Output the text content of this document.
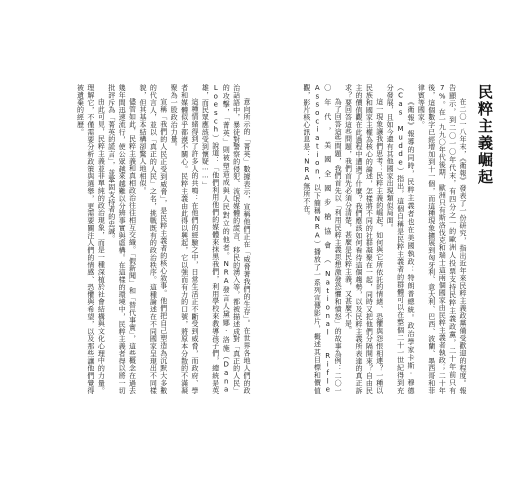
民粹主義崛起
在二〇一八年末，《衛報》發表了一份研究，指出近年來民粹主義政黨備受歡迎的程度。報告顯示，到二〇一〇年代末，有四分之一的歐洲人投票支持民粹主義政黨，二十年前只有7%。在一九九〇年代後期，歐洲只有斯洛伐克和瑞士這兩個國家由民粹主義者執政；二十年後，這個數字已經增加到十一個，而這種現象擴展到匈牙利、意大利、巴西、波蘭、墨西哥和菲律賓等國家。
《衛報》報導的同時，民粹主義者也在美國執政：特朗普總統。政治學家卡斯·穆德（Cas Mudde）指出，這個自稱是民粹主義者的群體可以在整個二十一世紀得到充分發展，且如今還有其他國家出現類似局面。
這一現象讓我們思考：民粹主義的崛起，如何與它所依託的情緒、恐懼與怨恨相連？一種以民族和國家主權為核心的論述，怎樣將不同的社群凝聚在一起，同時又把他們分隔開來？自由民主的價值觀在此過程中遭遇了什麼？我們應該如何看待這個趨勢，以及民粹主義所表達的真正訴求？要回答這些問題，我們首先必須分清楚，甚麼是民粹主義，又甚麼不是。
為了回答這些問題，我們首先以「利用民粹主義思想激發恐懼和憤怒」的故事為例：二〇一〇年代，美國全國步槍協會（National Rifle Association，以下簡稱NRA）播放了一系列宣傳影片，概述其目標和價值觀，影片核心訊息是：NRA無所不在。
意向所示的「菁英」數據表示，宣稱他們正在「威脅著我們的生存」。在世界各地人們的政治話語中，暴徒對警察的侵犯、流氓媒體的謊言、移民的湧入等，都被描述成對「真正的人民」的攻擊，「菁英」則被塑造成與人民對立的他者。NRA發言人黛娜·洛施（Dana Loesch）說道：「他們利用他們的媒體來抹黑我們，利用學校來教導孩子們，總統是英雄，而民眾應該受到懷疑⋯⋯」
這種情緒得到了許多人的共鳴：在他們的經驗之中，日常生活正不斷受到威脅，而政府、學者和媒體似乎都漠不關心。民粹主義由此得以興起，它以強而有力的口號，將原本分散的不滿凝聚為一股政治力量。
宣稱「我們的人民正受到威脅」，是民粹主義者的核心敘事。他們把自己塑造為沉默大多數的代言人，並以「真正的人民」之名，挑戰既有的政治秩序。這種論述在不同國家呈現出不同樣貌，但其基本結構卻驚人地相似。
儘管如此，民粹主義和真相政治往往相互交織。「假新聞」和「替代事實」，這些概念在過去幾年間迅速流行，使公眾越來越難以分辨事實與虛構。在這樣的環境中，民粹主義者得以將一切批評斥為「菁英的謊言」，並鞏固支持者的忠誠。
由此可見，民粹主義並非單純的政治現象，而是一種深植於社會結構與文化心理中的力量。理解它，不僅需要分析政策與選舉，更需要關注人們的情感、恐懼與希望，以及那些讓他們覺得被遺棄的經歷。
